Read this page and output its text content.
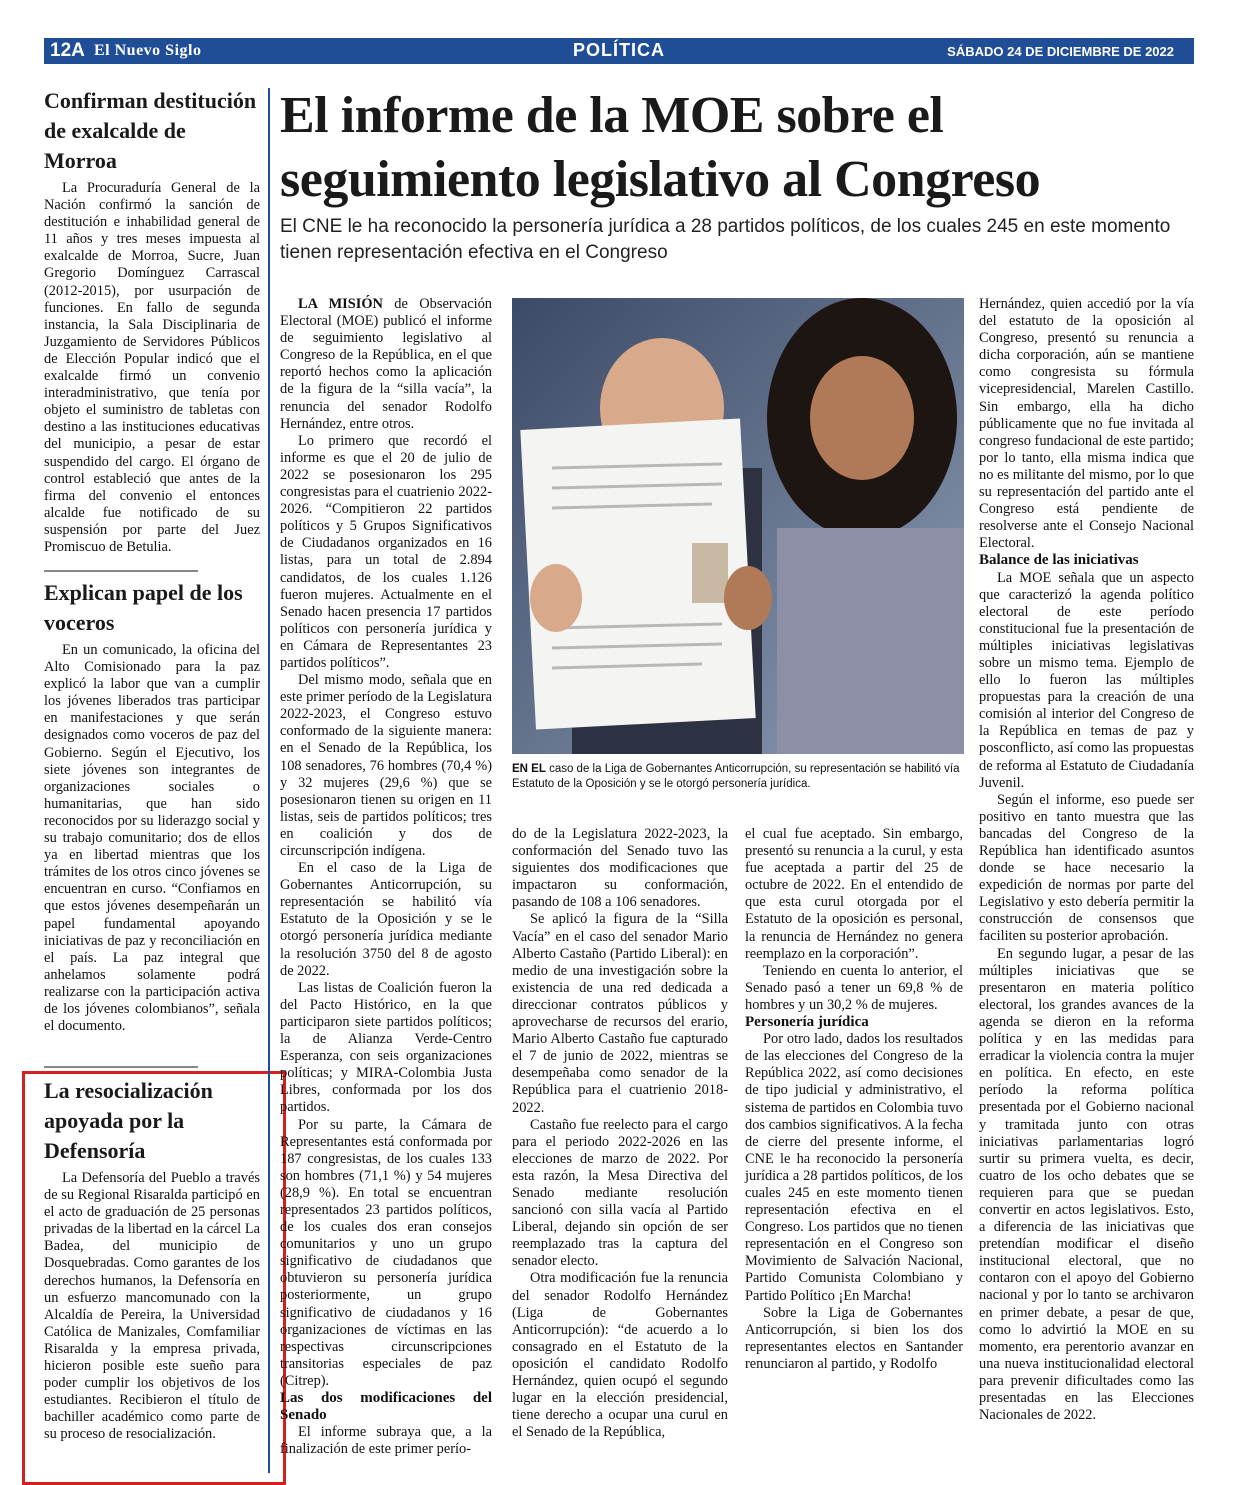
12A El Nuevo Siglo	POLÍTICA	SÁBADO 24 DE DICIEMBRE DE 2022
Confirman destitución de exalcalde de Morroa

La Procuraduría General de la Nación confirmó la sanción de destitución e inhabilidad general de 11 años y tres meses impuesta al exalcalde de Morroa, Sucre, Juan Gregorio Domínguez Carrascal (2012-2015), por usurpación de funciones. En fallo de segunda instancia, la Sala Disciplinaria de Juzgamiento de Servidores Públicos de Elección Popular indicó que el exalcalde firmó un convenio interadministrativo, que tenía por objeto el suministro de tabletas con destino a las instituciones educativas del municipio, a pesar de estar suspendido del cargo. El órgano de control estableció que antes de la firma del convenio el entonces alcalde fue notificado de su suspensión por parte del Juez Promiscuo de Betulia.

Explican papel de los voceros

En un comunicado, la oficina del Alto Comisionado para la paz explicó la labor que van a cumplir los jóvenes liberados tras participar en manifestaciones y que serán designados como voceros de paz del Gobierno. Según el Ejecutivo, los siete jóvenes son integrantes de organizaciones sociales o humanitarias, que han sido reconocidos por su liderazgo social y su trabajo comunitario; dos de ellos ya en libertad mientras que los trámites de los otros cinco jóvenes se encuentran en curso. “Confiamos en que estos jóvenes desempeñarán un papel fundamental apoyando iniciativas de paz y reconciliación en el país. La paz integral que anhelamos solamente podrá realizarse con la participación activa de los jóvenes colombianos”, señala el documento.

La resocialización apoyada por la Defensoría

La Defensoría del Pueblo a través de su Regional Risaralda participó en el acto de graduación de 25 personas privadas de la libertad en la cárcel La Badea, del municipio de Dosquebradas. Como garantes de los derechos humanos, la Defensoría en un esfuerzo mancomunado con la Alcaldía de Pereira, la Universidad Católica de Manizales, Comfamiliar Risaralda y la empresa privada, hicieron posible este sueño para poder cumplir los objetivos de los estudiantes. Recibieron el título de bachiller académico como parte de su proceso de resocialización.

El informe de la MOE sobre el seguimiento legislativo al Congreso
El CNE le ha reconocido la personería jurídica a 28 partidos políticos, de los cuales 245 en este momento tienen representación efectiva en el Congreso

LA MISIÓN de Observación Electoral (MOE) publicó el informe de seguimiento legislativo al Congreso de la República, en el que reportó hechos como la aplicación de la figura de la “silla vacía”, la renuncia del senador Rodolfo Hernández, entre otros.

Lo primero que recordó el informe es que el 20 de julio de 2022 se posesionaron los 295 congresistas para el cuatrienio 2022-2026. “Compitieron 22 partidos políticos y 5 Grupos Significativos de Ciudadanos organizados en 16 listas, para un total de 2.894 candidatos, de los cuales 1.126 fueron mujeres. Actualmente en el Senado hacen presencia 17 partidos políticos con personería jurídica y en Cámara de Representantes 23 partidos políticos”.

Del mismo modo, señala que en este primer período de la Legislatura 2022-2023, el Congreso estuvo conformado de la siguiente manera: en el Senado de la República, los 108 senadores, 76 hombres (70,4 %) y 32 mujeres (29,6 %) que se posesionaron tienen su origen en 11 listas, seis de partidos políticos; tres en coalición y dos de circunscripción indígena.

En el caso de la Liga de Gobernantes Anticorrupción, su representación se habilitó vía Estatuto de la Oposición y se le otorgó personería jurídica mediante la resolución 3750 del 8 de agosto de 2022.

Las listas de Coalición fueron la del Pacto Histórico, en la que participaron siete partidos políticos; la de Alianza Verde-Centro Esperanza, con seis organizaciones políticas; y MIRA-Colombia Justa Libres, conformada por los dos partidos.

Por su parte, la Cámara de Representantes está conformada por 187 congresistas, de los cuales 133 son hombres (71,1 %) y 54 mujeres (28,9 %). En total se encuentran representados 23 partidos políticos, de los cuales dos eran consejos comunitarios y uno un grupo significativo de ciudadanos que obtuvieron su personería jurídica posteriormente, un grupo significativo de ciudadanos y 16 organizaciones de víctimas en las respectivas circunscripciones transitorias especiales de paz (Citrep).

Las dos modificaciones del Senado

El informe subraya que, a la finalización de este primer perío-

EN EL caso de la Liga de Gobernantes Anticorrupción, su representación se habilitó vía Estatuto de la Oposición y se le otorgó personería jurídica.

do de la Legislatura 2022-2023, la conformación del Senado tuvo las siguientes dos modificaciones que impactaron su conformación, pasando de 108 a 106 senadores.

Se aplicó la figura de la “Silla Vacía” en el caso del senador Mario Alberto Castaño (Partido Liberal): en medio de una investigación sobre la existencia de una red dedicada a direccionar contratos públicos y aprovecharse de recursos del erario, Mario Alberto Castaño fue capturado el 7 de junio de 2022, mientras se desempeñaba como senador de la República para el cuatrienio 2018-2022.

Castaño fue reelecto para el cargo para el periodo 2022-2026 en las elecciones de marzo de 2022. Por esta razón, la Mesa Directiva del Senado mediante resolución sancionó con silla vacía al Partido Liberal, dejando sin opción de ser reemplazado tras la captura del senador electo.

Otra modificación fue la renuncia del senador Rodolfo Hernández (Liga de Gobernantes Anticorrupción): “de acuerdo a lo consagrado en el Estatuto de la oposición el candidato Rodolfo Hernández, quien ocupó el segundo lugar en la elección presidencial, tiene derecho a ocupar una curul en el Senado de la República,

el cual fue aceptado. Sin embargo, presentó su renuncia a la curul, y esta fue aceptada a partir del 25 de octubre de 2022. En el entendido de que esta curul otorgada por el Estatuto de la oposición es personal, la renuncia de Hernández no genera reemplazo en la corporación”.

Teniendo en cuenta lo anterior, el Senado pasó a tener un 69,8 % de hombres y un 30,2 % de mujeres.

Personería jurídica

Por otro lado, dados los resultados de las elecciones del Congreso de la República 2022, así como decisiones de tipo judicial y administrativo, el sistema de partidos en Colombia tuvo dos cambios significativos. A la fecha de cierre del presente informe, el CNE le ha reconocido la personería jurídica a 28 partidos políticos, de los cuales 245 en este momento tienen representación efectiva en el Congreso. Los partidos que no tienen representación en el Congreso son Movimiento de Salvación Nacional, Partido Comunista Colombiano y Partido Político ¡En Marcha!

Sobre la Liga de Gobernantes Anticorrupción, si bien los dos representantes electos en Santander renunciaron al partido, y Rodolfo

Hernández, quien accedió por la vía del estatuto de la oposición al Congreso, presentó su renuncia a dicha corporación, aún se mantiene como congresista su fórmula vicepresidencial, Marelen Castillo. Sin embargo, ella ha dicho públicamente que no fue invitada al congreso fundacional de este partido; por lo tanto, ella misma indica que no es militante del mismo, por lo que su representación del partido ante el Congreso está pendiente de resolverse ante el Consejo Nacional Electoral.

Balance de las iniciativas

La MOE señala que un aspecto que caracterizó la agenda político electoral de este período constitucional fue la presentación de múltiples iniciativas legislativas sobre un mismo tema. Ejemplo de ello lo fueron las múltiples propuestas para la creación de una comisión al interior del Congreso de la República en temas de paz y posconflicto, así como las propuestas de reforma al Estatuto de Ciudadanía Juvenil.

Según el informe, eso puede ser positivo en tanto muestra que las bancadas del Congreso de la República han identificado asuntos donde se hace necesario la expedición de normas por parte del Legislativo y esto debería permitir la construcción de consensos que faciliten su posterior aprobación.

En segundo lugar, a pesar de las múltiples iniciativas que se presentaron en materia político electoral, los grandes avances de la agenda se dieron en la reforma política y en las medidas para erradicar la violencia contra la mujer en política. En efecto, en este período la reforma política presentada por el Gobierno nacional y tramitada junto con otras iniciativas parlamentarias logró surtir su primera vuelta, es decir, cuatro de los ocho debates que se requieren para que se puedan convertir en actos legislativos. Esto, a diferencia de las iniciativas que pretendían modificar el diseño institucional electoral, que no contaron con el apoyo del Gobierno nacional y por lo tanto se archivaron en primer debate, a pesar de que, como lo advirtió la MOE en su momento, era perentorio avanzar en una nueva institucionalidad electoral para prevenir dificultades como las presentadas en las Elecciones Nacionales de 2022.
